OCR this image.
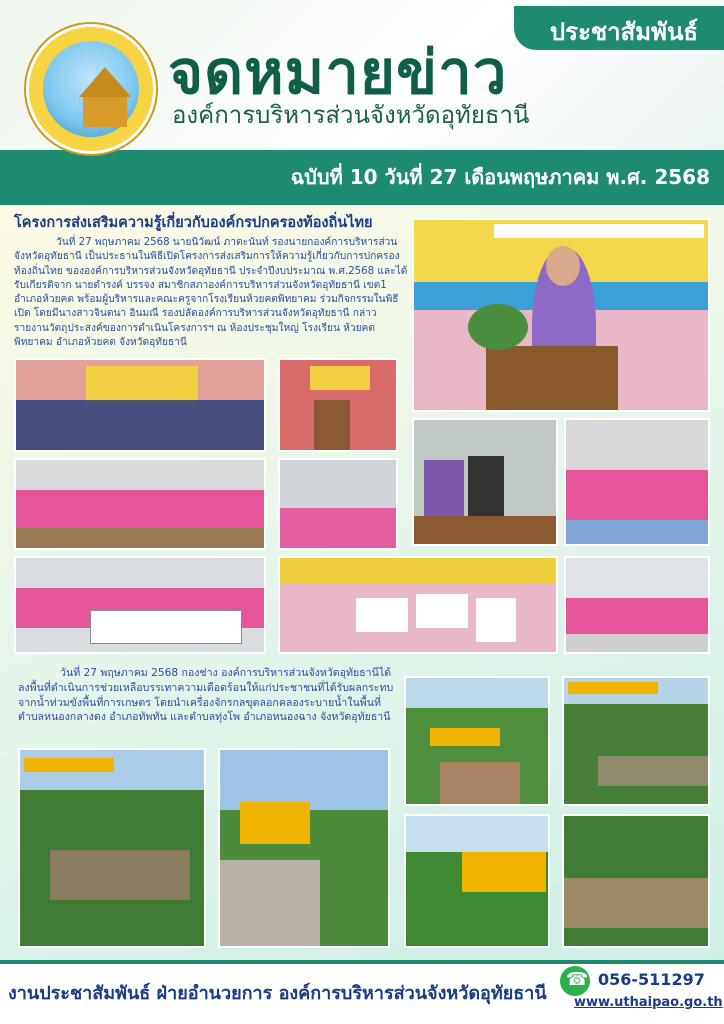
ประชาสัมพันธ์
จดหมายข่าว
องค์การบริหารส่วนจังหวัดอุทัยธานี
ฉบับที่ 10 วันที่ 27 เดือนพฤษภาคม พ.ศ. 2568
โครงการส่งเสริมความรู้เกี่ยวกับองค์กรปกครองท้องถิ่นไทย
วันที่ 27 พฤษภาคม 2568 นายนิวัฒน์ ภาตะนันท์ รองนายกองค์การบริหารส่วนจังหวัดอุทัยธานี เป็นประธานในพิธีเปิดโครงการส่งเสริมการให้ความรู้เกี่ยวกับการปกครองท้องถิ่นไทย ขององค์การบริหารส่วนจังหวัดอุทัยธานี ประจำปีงบประมาณ พ.ศ.2568 และได้รับเกียรติจาก นายดำรงค์ บรรจง สมาชิกสภาองค์การบริหารส่วนจังหวัดอุทัยธานี เขต1 อำเภอห้วยคต พร้อมผู้บริหารและคณะครูจากโรงเรียนห้วยคตพิทยาคม ร่วมกิจกรรมในพิธีเปิด โดยมีนางสาวจินตนา อินมณี รองปลัดองค์การบริหารส่วนจังหวัดอุทัยธานี กล่าวรายงานวัตถุประสงค์ของการดำเนินโครงการฯ ณ ห้องประชุมใหญ่ โรงเรียน ห้วยคตพิทยาคม อำเภอห้วยคต จังหวัดอุทัยธานี
วันที่ 27 พฤษภาคม 2568 กองช่าง องค์การบริหารส่วนจังหวัดอุทัยธานีได้ลงพื้นที่ดำเนินการช่วยเหลือบรรเทาความเดือดร้อนให้แก่ประชาชนที่ได้รับผลกระทบจากน้ำท่วมขังพื้นที่การเกษตร โดยนำเครื่องจักรกลขุดลอกคลองระบายน้ำในพื้นที่ตำบลหนองกลางดง อำเภอทัพทัน และตำบลทุ่งโพ อำเภอหนองฉาง จังหวัดอุทัยธานี
งานประชาสัมพันธ์ ฝ่ายอำนวยการ องค์การบริหารส่วนจังหวัดอุทัยธานี
☎
056-511297
www.uthaipao.go.th
